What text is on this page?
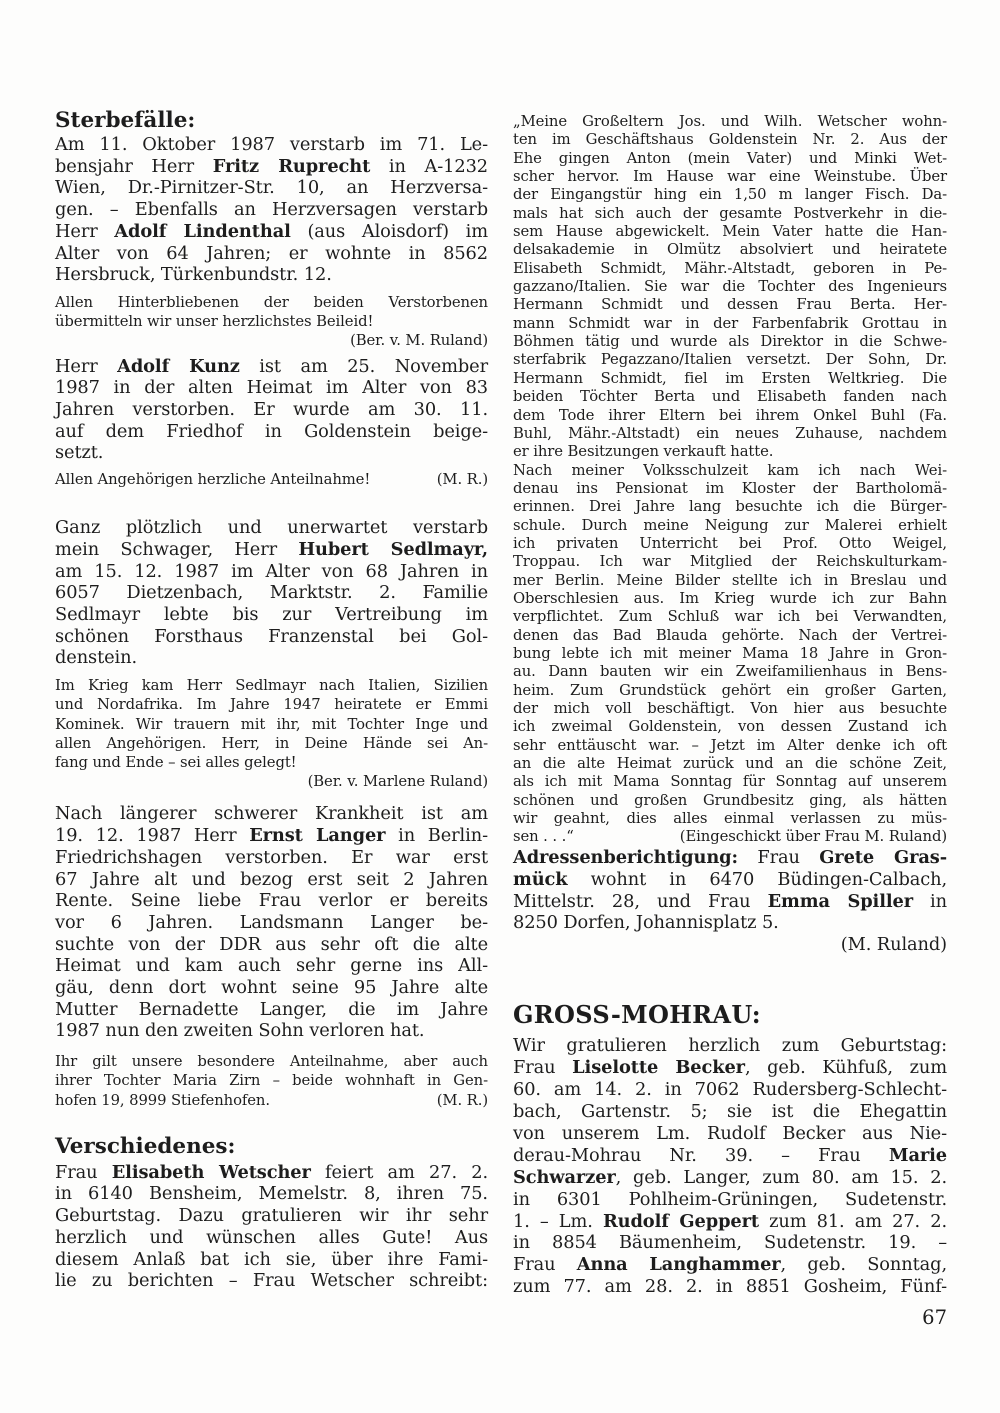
Sterbefälle:
Am 11. Oktober 1987 verstarb im 71. Le-
bensjahr Herr Fritz Ruprecht in A-1232
Wien, Dr.-Pirnitzer-Str. 10, an Herzversa-
gen. – Ebenfalls an Herzversagen verstarb
Herr Adolf Lindenthal (aus Aloisdorf) im
Alter von 64 Jahren; er wohnte in 8562
Hersbruck, Türkenbundstr. 12.
Allen Hinterbliebenen der beiden Verstorbenen
übermitteln wir unser herzlichstes Beileid!
(Ber. v. M. Ruland)
Herr Adolf Kunz ist am 25. November
1987 in der alten Heimat im Alter von 83
Jahren verstorben. Er wurde am 30. 11.
auf dem Friedhof in Goldenstein beige-
setzt.
Allen Angehörigen herzliche Anteilnahme!	(M. R.)
Ganz plötzlich und unerwartet verstarb
mein Schwager, Herr Hubert Sedlmayr,
am 15. 12. 1987 im Alter von 68 Jahren in
6057 Dietzenbach, Marktstr. 2. Familie
Sedlmayr lebte bis zur Vertreibung im
schönen Forsthaus Franzenstal bei Gol-
denstein.
Im Krieg kam Herr Sedlmayr nach Italien, Sizilien
und Nordafrika. Im Jahre 1947 heiratete er Emmi
Kominek. Wir trauern mit ihr, mit Tochter Inge und
allen Angehörigen. Herr, in Deine Hände sei An-
fang und Ende – sei alles gelegt!
(Ber. v. Marlene Ruland)
Nach längerer schwerer Krankheit ist am
19. 12. 1987 Herr Ernst Langer in Berlin-
Friedrichshagen verstorben. Er war erst
67 Jahre alt und bezog erst seit 2 Jahren
Rente. Seine liebe Frau verlor er bereits
vor 6 Jahren. Landsmann Langer be-
suchte von der DDR aus sehr oft die alte
Heimat und kam auch sehr gerne ins All-
gäu, denn dort wohnt seine 95 Jahre alte
Mutter Bernadette Langer, die im Jahre
1987 nun den zweiten Sohn verloren hat.
Ihr gilt unsere besondere Anteilnahme, aber auch
ihrer Tochter Maria Zirn – beide wohnhaft in Gen-
hofen 19, 8999 Stiefenhofen.	(M. R.)
Verschiedenes:
Frau Elisabeth Wetscher feiert am 27. 2.
in 6140 Bensheim, Memelstr. 8, ihren 75.
Geburtstag. Dazu gratulieren wir ihr sehr
herzlich und wünschen alles Gute! Aus
diesem Anlaß bat ich sie, über ihre Fami-
lie zu berichten – Frau Wetscher schreibt:
„Meine Großeltern Jos. und Wilh. Wetscher wohn-
ten im Geschäftshaus Goldenstein Nr. 2. Aus der
Ehe gingen Anton (mein Vater) und Minki Wet-
scher hervor. Im Hause war eine Weinstube. Über
der Eingangstür hing ein 1,50 m langer Fisch. Da-
mals hat sich auch der gesamte Postverkehr in die-
sem Hause abgewickelt. Mein Vater hatte die Han-
delsakademie in Olmütz absolviert und heiratete
Elisabeth Schmidt, Mähr.-Altstadt, geboren in Pe-
gazzano/Italien. Sie war die Tochter des Ingenieurs
Hermann Schmidt und dessen Frau Berta. Her-
mann Schmidt war in der Farbenfabrik Grottau in
Böhmen tätig und wurde als Direktor in die Schwe-
sterfabrik Pegazzano/Italien versetzt. Der Sohn, Dr.
Hermann Schmidt, fiel im Ersten Weltkrieg. Die
beiden Töchter Berta und Elisabeth fanden nach
dem Tode ihrer Eltern bei ihrem Onkel Buhl (Fa.
Buhl, Mähr.-Altstadt) ein neues Zuhause, nachdem
er ihre Besitzungen verkauft hatte.
Nach meiner Volksschulzeit kam ich nach Wei-
denau ins Pensionat im Kloster der Bartholomä-
erinnen. Drei Jahre lang besuchte ich die Bürger-
schule. Durch meine Neigung zur Malerei erhielt
ich privaten Unterricht bei Prof. Otto Weigel,
Troppau. Ich war Mitglied der Reichskulturkam-
mer Berlin. Meine Bilder stellte ich in Breslau und
Oberschlesien aus. Im Krieg wurde ich zur Bahn
verpflichtet. Zum Schluß war ich bei Verwandten,
denen das Bad Blauda gehörte. Nach der Vertrei-
bung lebte ich mit meiner Mama 18 Jahre in Gron-
au. Dann bauten wir ein Zweifamilienhaus in Bens-
heim. Zum Grundstück gehört ein großer Garten,
der mich voll beschäftigt. Von hier aus besuchte
ich zweimal Goldenstein, von dessen Zustand ich
sehr enttäuscht war. – Jetzt im Alter denke ich oft
an die alte Heimat zurück und an die schöne Zeit,
als ich mit Mama Sonntag für Sonntag auf unserem
schönen und großen Grundbesitz ging, als hätten
wir geahnt, dies alles einmal verlassen zu müs-
sen . . .“	(Eingeschickt über Frau M. Ruland)
Adressenberichtigung: Frau Grete Gras-
mück wohnt in 6470 Büdingen-Calbach,
Mittelstr. 28, und Frau Emma Spiller in
8250 Dorfen, Johannisplatz 5.
(M. Ruland)
GROSS-MOHRAU:
Wir gratulieren herzlich zum Geburtstag:
Frau Liselotte Becker, geb. Kühfuß, zum
60. am 14. 2. in 7062 Rudersberg-Schlecht-
bach, Gartenstr. 5; sie ist die Ehegattin
von unserem Lm. Rudolf Becker aus Nie-
derau-Mohrau Nr. 39. – Frau Marie
Schwarzer, geb. Langer, zum 80. am 15. 2.
in 6301 Pohlheim-Grüningen, Sudetenstr.
1. – Lm. Rudolf Geppert zum 81. am 27. 2.
in 8854 Bäumenheim, Sudetenstr. 19. –
Frau Anna Langhammer, geb. Sonntag,
zum 77. am 28. 2. in 8851 Gosheim, Fünf-
67
